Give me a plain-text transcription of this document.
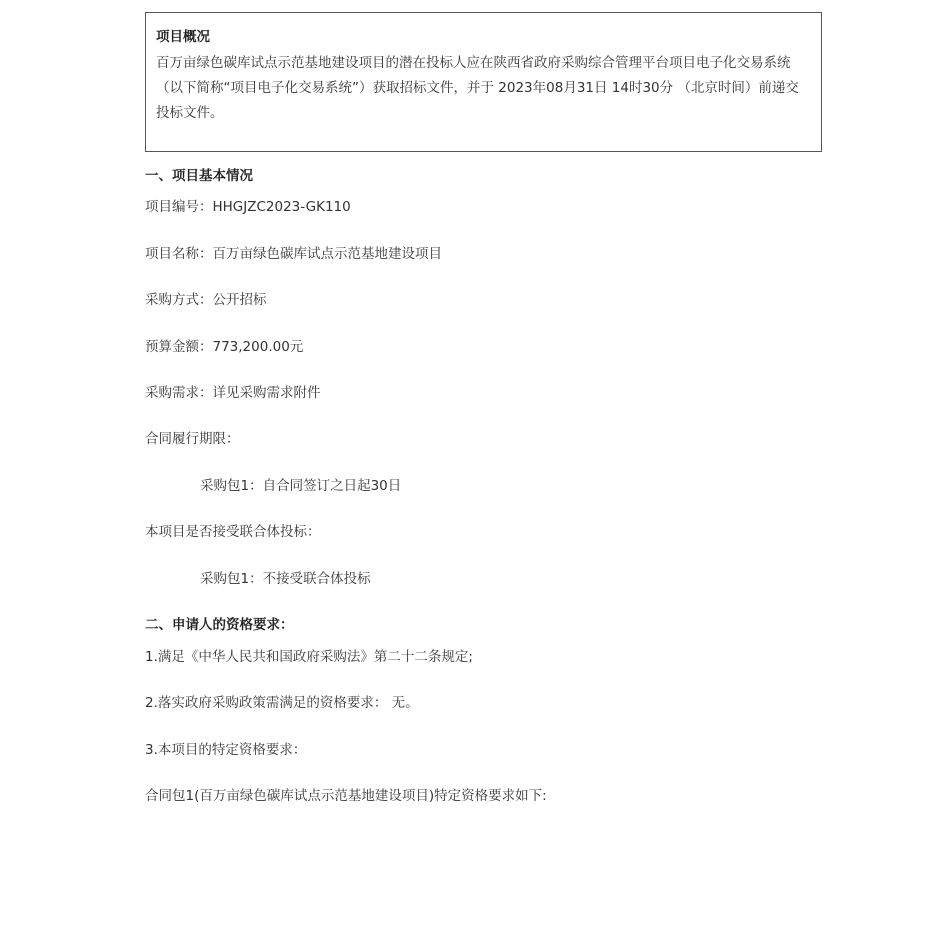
项目概况
百万亩绿色碳库试点示范基地建设项目的潜在投标人应在陕西省政府采购综合管理平台项目电子化交易系统（以下简称“项目电子化交易系统”）获取招标文件，并于 2023年08月31日 14时30分 （北京时间）前递交投标文件。
一、项目基本情况
项目编号：HHGJZC2023-GK110
项目名称：百万亩绿色碳库试点示范基地建设项目
采购方式：公开招标
预算金额：773,200.00元
采购需求：详见采购需求附件
合同履行期限：
采购包1：自合同签订之日起30日
本项目是否接受联合体投标：
采购包1：不接受联合体投标
二、申请人的资格要求：
1.满足《中华人民共和国政府采购法》第二十二条规定;
2.落实政府采购政策需满足的资格要求： 无。
3.本项目的特定资格要求：
合同包1(百万亩绿色碳库试点示范基地建设项目)特定资格要求如下:
